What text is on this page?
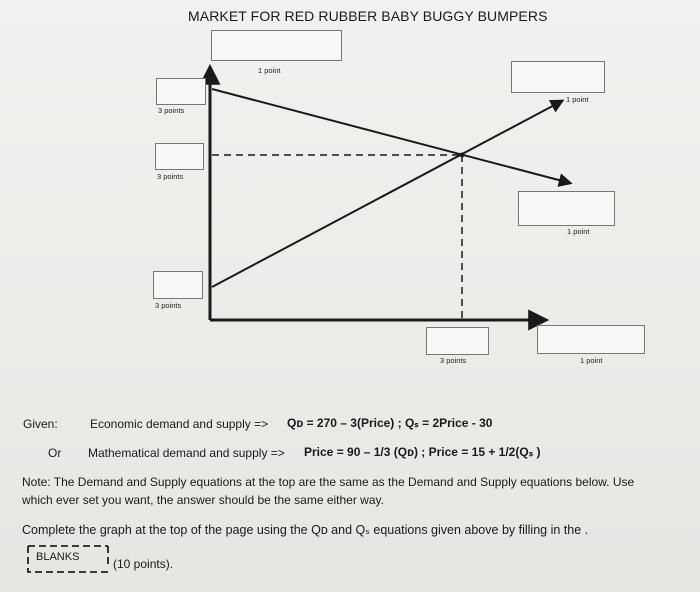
MARKET FOR RED RUBBER BABY BUGGY BUMPERS
1 point
1 point
1 point
1 point
3 points
3 points
3 points
3 points
Given:	Economic demand and supply => Qᴅ = 270 – 3(Price) ; Qₛ = 2Price - 30
Or Mathematical demand and supply => Price = 90 – 1/3 (Qᴅ) ; Price = 15 + 1/2(Qₛ )
Note: The Demand and Supply equations at the top are the same as the Demand and Supply equations below. Use
which ever set you want, the answer should be the same either way.
Complete the graph at the top of the page using the Qᴅ and Qₛ equations given above by filling in the .
BLANKS	(10 points).
